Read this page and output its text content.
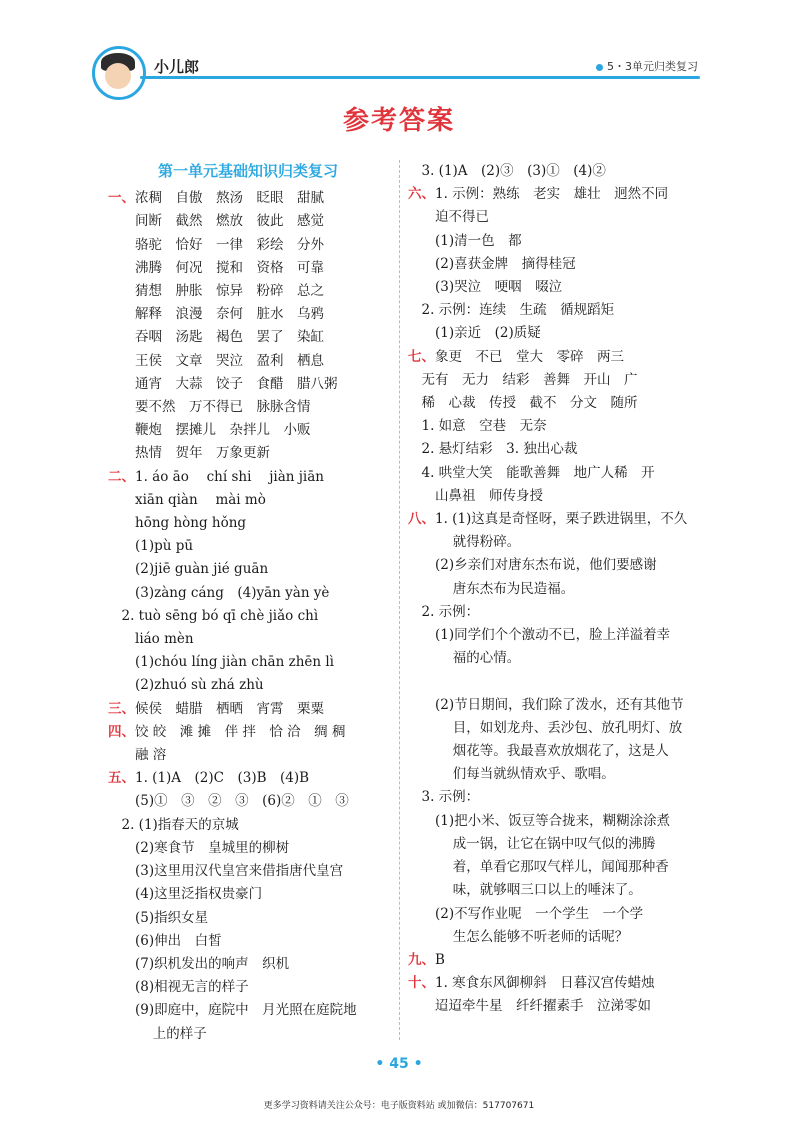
小儿郎	5・3单元归类复习
参考答案
第一单元基础知识归类复习
一、浓稠　自傲　熬汤　眨眼　甜腻
　　间断　截然　燃放　彼此　感觉
　　骆驼　恰好　一律　彩绘　分外
　　沸腾　何况　搅和　资格　可靠
　　猜想　肿胀　惊异　粉碎　总之
　　解释　浪漫　奈何　脏水　乌鸦
　　吞咽　汤匙　褐色　罢了　染缸
　　王侯　文章　哭泣　盈利　栖息
　　通宵　大蒜　饺子　食醋　腊八粥
　　要不然　万不得已　脉脉含情
　　鞭炮　摆摊儿　杂拌儿　小贩
　　热情　贺年　万象更新
二、1. áo āo　 chí shi　 jiàn jiān
　　xiān qiàn　 mài mò
　　hōng hòng hǒng
　　(1)pù pū
　　(2)jiē guàn jié guān
　　(3)zàng cáng　(4)yān yàn yè
　2. tuò sēng bó qī chè jiǎo chì
　　liáo mèn
　　(1)chóu líng jiàn chān zhēn lì
　　(2)zhuó sù zhá zhù
三、候侯　蜡腊　栖晒　宵霄　栗粟
四、饺 皎　滩 摊　伴 拌　恰 洽　绸 稠
　　融 溶
五、1. (1)A　(2)C　(3)B　(4)B
　　(5)①　③　②　③　(6)②　①　③
　2. (1)指春天的京城
　　(2)寒食节　皇城里的柳树
　　(3)这里用汉代皇宫来借指唐代皇宫
　　(4)这里泛指权贵豪门
　　(5)指织女星
　　(6)伸出　白皙
　　(7)织机发出的响声　织机
　　(8)相视无言的样子
　　(9)即庭中，庭院中　月光照在庭院地
　　　 上的样子
　3. (1)A　(2)③　(3)①　(4)②
六、1. 示例：熟练　老实　雄壮　迥然不同
　　迫不得已
　　(1)清一色　都
　　(2)喜获金牌　摘得桂冠
　　(3)哭泣　哽咽　啜泣
　2. 示例：连续　生疏　循规蹈矩
　　(1)亲近　(2)质疑
七、象更　不已　堂大　零碎　两三
　无有　无力　结彩　善舞　开山　广
　稀　心裁　传授　截不　分文　随所
　1. 如意　空巷　无奈
　2. 悬灯结彩　3. 独出心裁
　4. 哄堂大笑　能歌善舞　地广人稀　开
　　山鼻祖　师传身授
八、1. (1)这真是奇怪呀，栗子跌进锅里，不久
　　　 就得粉碎。
　　(2)乡亲们对唐东杰布说，他们要感谢
　　　 唐东杰布为民造福。
　2. 示例：
　　(1)同学们个个激动不已，脸上洋溢着幸
　　　 福的心情。

　　(2)节日期间，我们除了泼水，还有其他节
　　　 目，如划龙舟、丢沙包、放孔明灯、放
　　　 烟花等。我最喜欢放烟花了，这是人
　　　 们每当就纵情欢乎、歌唱。
　3. 示例：
　　(1)把小米、饭豆等合拢来，糊糊涂涂煮
　　　 成一锅，让它在锅中叹气似的沸腾
　　　 着，单看它那叹气样儿，闻闻那种香
　　　 味，就够咽三口以上的唾沫了。
　　(2)不写作业呢　一个学生　一个学
　　　 生怎么能够不听老师的话呢？
九、B
十、1. 寒食东风御柳斜　日暮汉宫传蜡烛
　　迢迢牵牛星　纤纤擢素手　泣涕零如
• 45 •
更多学习资料请关注公众号：电子版资料站 或加微信：517707671
